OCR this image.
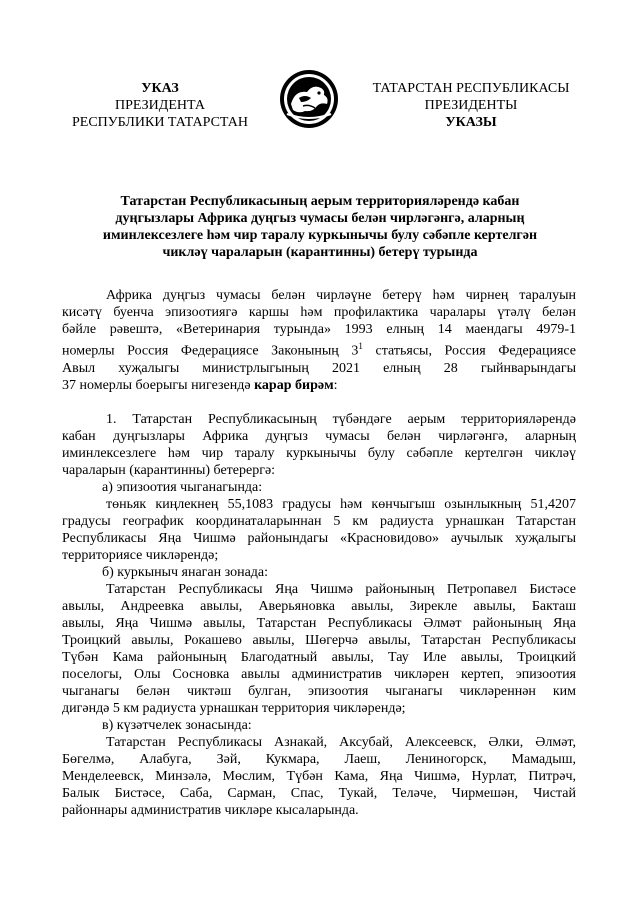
УКАЗ
ПРЕЗИДЕНТА
РЕСПУБЛИКИ ТАТАРСТАН
ТАТАРСТАН РЕСПУБЛИКАСЫ
ПРЕЗИДЕНТЫ
УКАЗЫ
Татарстан Республикасының аерым территорияләрендә кабан
дуңгызлары Африка дуңгыз чумасы белән чирләгәнгә, аларның
иминлексезлеге һәм чир таралу куркынычы булу сәбәпле кертелгән
чикләү чараларын (карантинны) бетерү турында

Африка дуңгыз чумасы белән чирләүне бетерү һәм чирнең таралуын

кисәтү буенча эпизоотиягә каршы һәм профилактика чаралары үтәлү белән

бәйле рәвештә, «Ветеринария турында» 1993 елның 14 маендагы 4979-1

номерлы Россия Федерациясе Законының $3^1$ статьясы, Россия Федерациясе

Авыл хуҗалыгы министрлыгының 2021 елның 28 гыйнварындагы

37 номерлы боерыгы нигезендә карар бирәм:

1. Татарстан Республикасының түбәндәге аерым территорияләрендә

кабан дуңгызлары Африка дуңгыз чумасы белән чирләгәнгә, аларның

иминлексезлеге һәм чир таралу куркынычы булу сәбәпле кертелгән чикләү

чараларын (карантинны) бетерергә:

а) эпизоотия чыганагында:

төньяк киңлекнең 55,1083 градусы һәм көнчыгыш озынлыкның 51,4207

градусы географик координаталарыннан 5 км радиуста урнашкан Татарстан

Республикасы Яңа Чишмә районындагы «Красновидово» аучылык хуҗалыгы

территориясе чикләрендә;

б) куркыныч янаган зонада:

Татарстан Республикасы Яңа Чишмә районының Петропавел Бистәсе

авылы, Андреевка авылы, Аверьяновка авылы, Зирекле авылы, Бакташ

авылы, Яңа Чишмә авылы, Татарстан Республикасы Әлмәт районының Яңа

Троицкий авылы, Рокашево авылы, Шөгерчә авылы, Татарстан Республикасы

Түбән Кама районының Благодатный авылы, Тау Иле авылы, Троицкий

поселогы, Олы Сосновка авылы административ чикләрен кертеп, эпизоотия

чыганагы белән чиктәш булган, эпизоотия чыганагы чикләреннән ким

дигәндә 5 км радиуста урнашкан территория чикләрендә;

в) күзәтчелек зонасында:

Татарстан Республикасы Азнакай, Аксубай, Алексеевск, Әлки, Әлмәт,

Бөгелмә, Алабуга, Зәй, Кукмара, Лаеш, Лениногорск, Мамадыш,

Менделеевск, Минзәлә, Мөслим, Түбән Кама, Яңа Чишмә, Нурлат, Питрәч,

Балык Бистәсе, Саба, Сарман, Спас, Тукай, Теләче, Чирмешән, Чистай

районнары административ чикләре кысаларында.
